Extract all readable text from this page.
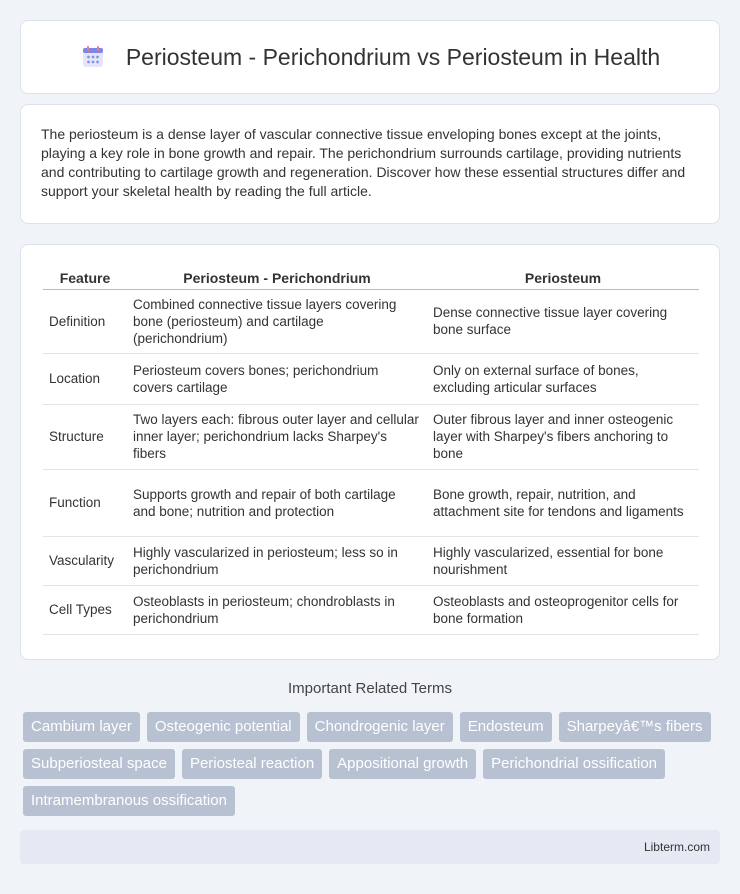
Periosteum - Perichondrium vs Periosteum in Health

The periosteum is a dense layer of vascular connective tissue enveloping bones except at the joints, playing a key role in bone growth and repair. The perichondrium surrounds cartilage, providing nutrients and contributing to cartilage growth and regeneration. Discover how these essential structures differ and support your skeletal health by reading the full article.

Feature	Periosteum - Perichondrium	Periosteum
Definition	Combined connective tissue layers covering bone (periosteum) and cartilage (perichondrium)	Dense connective tissue layer covering bone surface
Location	Periosteum covers bones; perichondrium covers cartilage	Only on external surface of bones, excluding articular surfaces
Structure	Two layers each: fibrous outer layer and cellular inner layer; perichondrium lacks Sharpey's fibers	Outer fibrous layer and inner osteogenic layer with Sharpey's fibers anchoring to bone
Function	Supports growth and repair of both cartilage and bone; nutrition and protection	Bone growth, repair, nutrition, and attachment site for tendons and ligaments
Vascularity	Highly vascularized in periosteum; less so in perichondrium	Highly vascularized, essential for bone nourishment
Cell Types	Osteoblasts in periosteum; chondroblasts in perichondrium	Osteoblasts and osteoprogenitor cells for bone formation
Important Related Terms
Cambium layer	Osteogenic potential	Chondrogenic layer	Endosteum	Sharpeyâ€™s fibers
Subperiosteal space	Periosteal reaction	Appositional growth	Perichondrial ossification
Intramembranous ossification
Libterm.com
